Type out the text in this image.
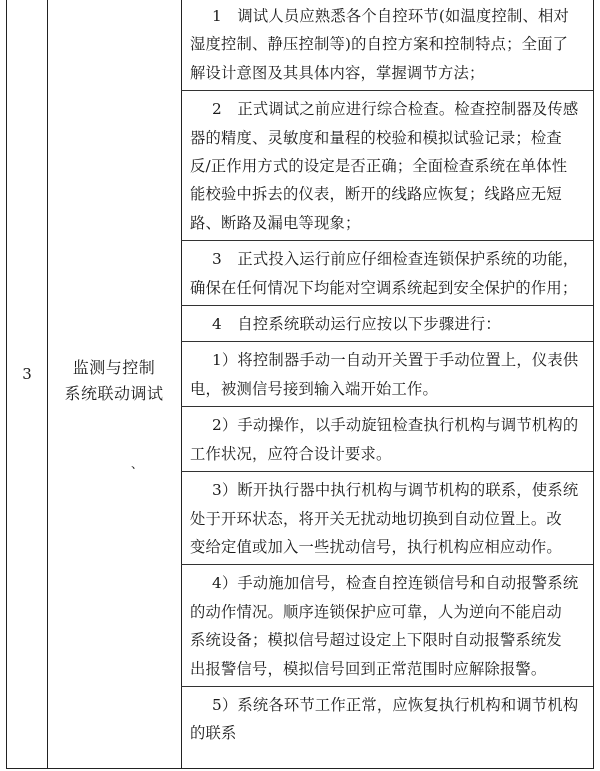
3	监测与控制
系统联动调试
、
1　调试人员应熟悉各个自控环节(如温度控制、相对
湿度控制、静压控制等)的自控方案和控制特点；全面了
解设计意图及其具体内容，掌握调节方法；
2　正式调试之前应进行综合检查。检查控制器及传感
器的精度、灵敏度和量程的校验和模拟试验记录；检查
反/正作用方式的设定是否正确；全面检查系统在单体性
能校验中拆去的仪表，断开的线路应恢复；线路应无短
路、断路及漏电等现象；
3　正式投入运行前应仔细检查连锁保护系统的功能，
确保在任何情况下均能对空调系统起到安全保护的作用；
4　自控系统联动运行应按以下步骤进行：
1）将控制器手动一自动开关置于手动位置上，仪表供
电，被测信号接到输入端开始工作。
2）手动操作，以手动旋钮检查执行机构与调节机构的
工作状况，应符合设计要求。
3）断开执行器中执行机构与调节机构的联系，使系统
处于开环状态，将开关无扰动地切换到自动位置上。改
变给定值或加入一些扰动信号，执行机构应相应动作。
4）手动施加信号，检查自控连锁信号和自动报警系统
的动作情况。顺序连锁保护应可靠，人为逆向不能启动
系统设备；模拟信号超过设定上下限时自动报警系统发
出报警信号，模拟信号回到正常范围时应解除报警。
5）系统各环节工作正常，应恢复执行机构和调节机构
的联系
